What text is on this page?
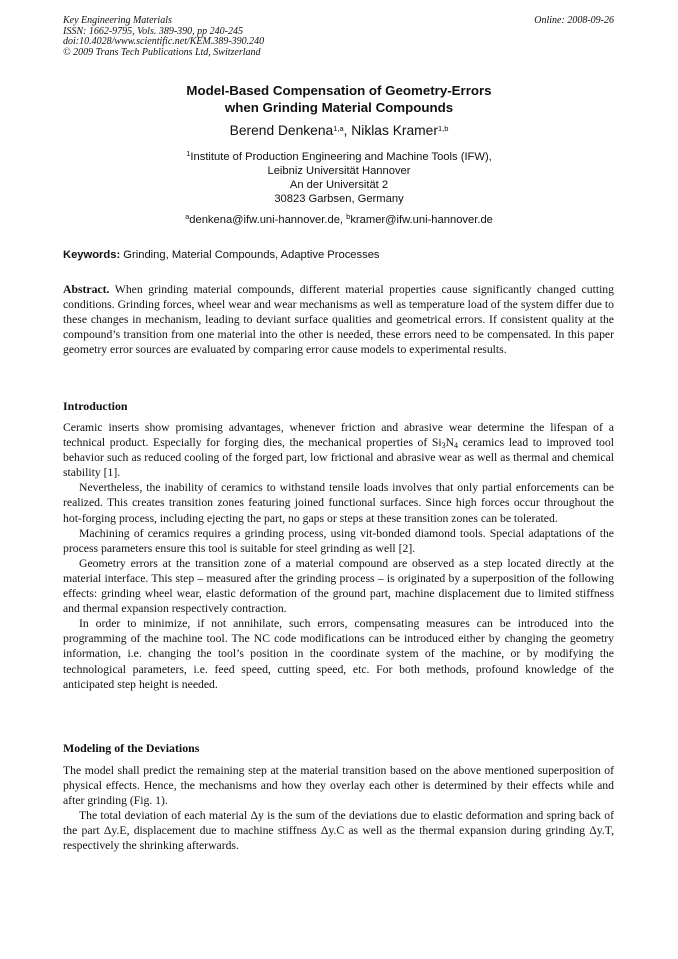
Key Engineering Materials
ISSN: 1662-9795, Vols. 389-390, pp 240-245
doi:10.4028/www.scientific.net/KEM.389-390.240
© 2009 Trans Tech Publications Ltd, Switzerland
Online: 2008-09-26
Model-Based Compensation of Geometry-Errors
when Grinding Material Compounds
Berend Denkena$^{1,a}$, Niklas Kramer$^{1,b}$
$^1$Institute of Production Engineering and Machine Tools (IFW),
Leibniz Universität Hannover
An der Universität 2
30823 Garbsen, Germany
$^a$denkena@ifw.uni-hannover.de, $^b$kramer@ifw.uni-hannover.de
Keywords: Grinding, Material Compounds, Adaptive Processes

Abstract. When grinding material compounds, different material properties cause significantly changed cutting conditions. Grinding forces, wheel wear and wear mechanisms as well as temperature load of the system differ due to these changes in mechanism, leading to deviant surface qualities and geometrical errors. If consistent quality at the compound’s transition from one material into the other is needed, these errors need to be compensated. In this paper geometry error sources are evaluated by comparing error cause models to experimental results.

Introduction

Ceramic inserts show promising advantages, whenever friction and abrasive wear determine the lifespan of a technical product. Especially for forging dies, the mechanical properties of $Si_3N_4$ ceramics lead to improved tool behavior such as reduced cooling of the forged part, low frictional and abrasive wear as well as thermal and chemical stability [1].

Nevertheless, the inability of ceramics to withstand tensile loads involves that only partial enforcements can be realized. This creates transition zones featuring joined functional surfaces. Since high forces occur throughout the hot-forging process, including ejecting the part, no gaps or steps at these transition zones can be tolerated.

Machining of ceramics requires a grinding process, using vit-bonded diamond tools. Special adaptations of the process parameters ensure this tool is suitable for steel grinding as well [2].

Geometry errors at the transition zone of a material compound are observed as a step located directly at the material interface. This step – measured after the grinding process – is originated by a superposition of the following effects: grinding wheel wear, elastic deformation of the ground part, machine displacement due to limited stiffness and thermal expansion respectively contraction.

In order to minimize, if not annihilate, such errors, compensating measures can be introduced into the programming of the machine tool. The NC code modifications can be introduced either by changing the geometry information, i.e. changing the tool’s position in the coordinate system of the machine, or by modifying the technological parameters, i.e. feed speed, cutting speed, etc. For both methods, profound knowledge of the anticipated step height is needed.

Modeling of the Deviations

The model shall predict the remaining step at the material transition based on the above mentioned superposition of physical effects. Hence, the mechanisms and how they overlay each other is determined by their effects while and after grinding (Fig. 1).

The total deviation of each material Δy is the sum of the deviations due to elastic deformation and spring back of the part Δy.E, displacement due to machine stiffness Δy.C as well as the thermal expansion during grinding Δy.T, respectively the shrinking afterwards.
